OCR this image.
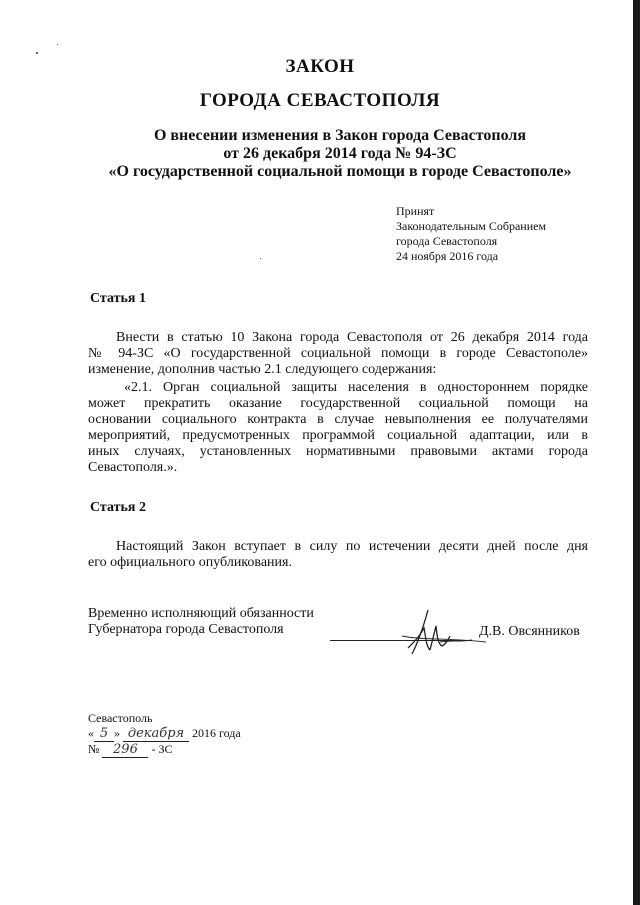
ЗАКОН
ГОРОДА СЕВАСТОПОЛЯ
О внесении изменения в Закон города Севастополя
от 26 декабря 2014 года № 94-ЗС
«О государственной социальной помощи в городе Севастополе»
Принят
Законодательным Собранием
города Севастополя
24 ноября 2016 года
Статья 1
Внести в статью 10 Закона города Севастополя от 26 декабря 2014 года
№ 94-ЗС «О государственной социальной помощи в городе Севастополе»
изменение, дополнив частью 2.1 следующего содержания:
«2.1. Орган социальной защиты населения в одностороннем порядке
может прекратить оказание государственной социальной помощи на
основании социального контракта в случае невыполнения ее получателями
мероприятий, предусмотренных программой социальной адаптации, или в
иных случаях, установленных нормативными правовыми актами города
Севастополя.».
Статья 2
Настоящий Закон вступает в силу по истечении десяти дней после дня
его официального опубликования.
Временно исполняющий обязанности
Губернатора города Севастополя	Д.В. Овсянников
Севастополь
« 5 » декабря 2016 года
№ 296 - ЗС
